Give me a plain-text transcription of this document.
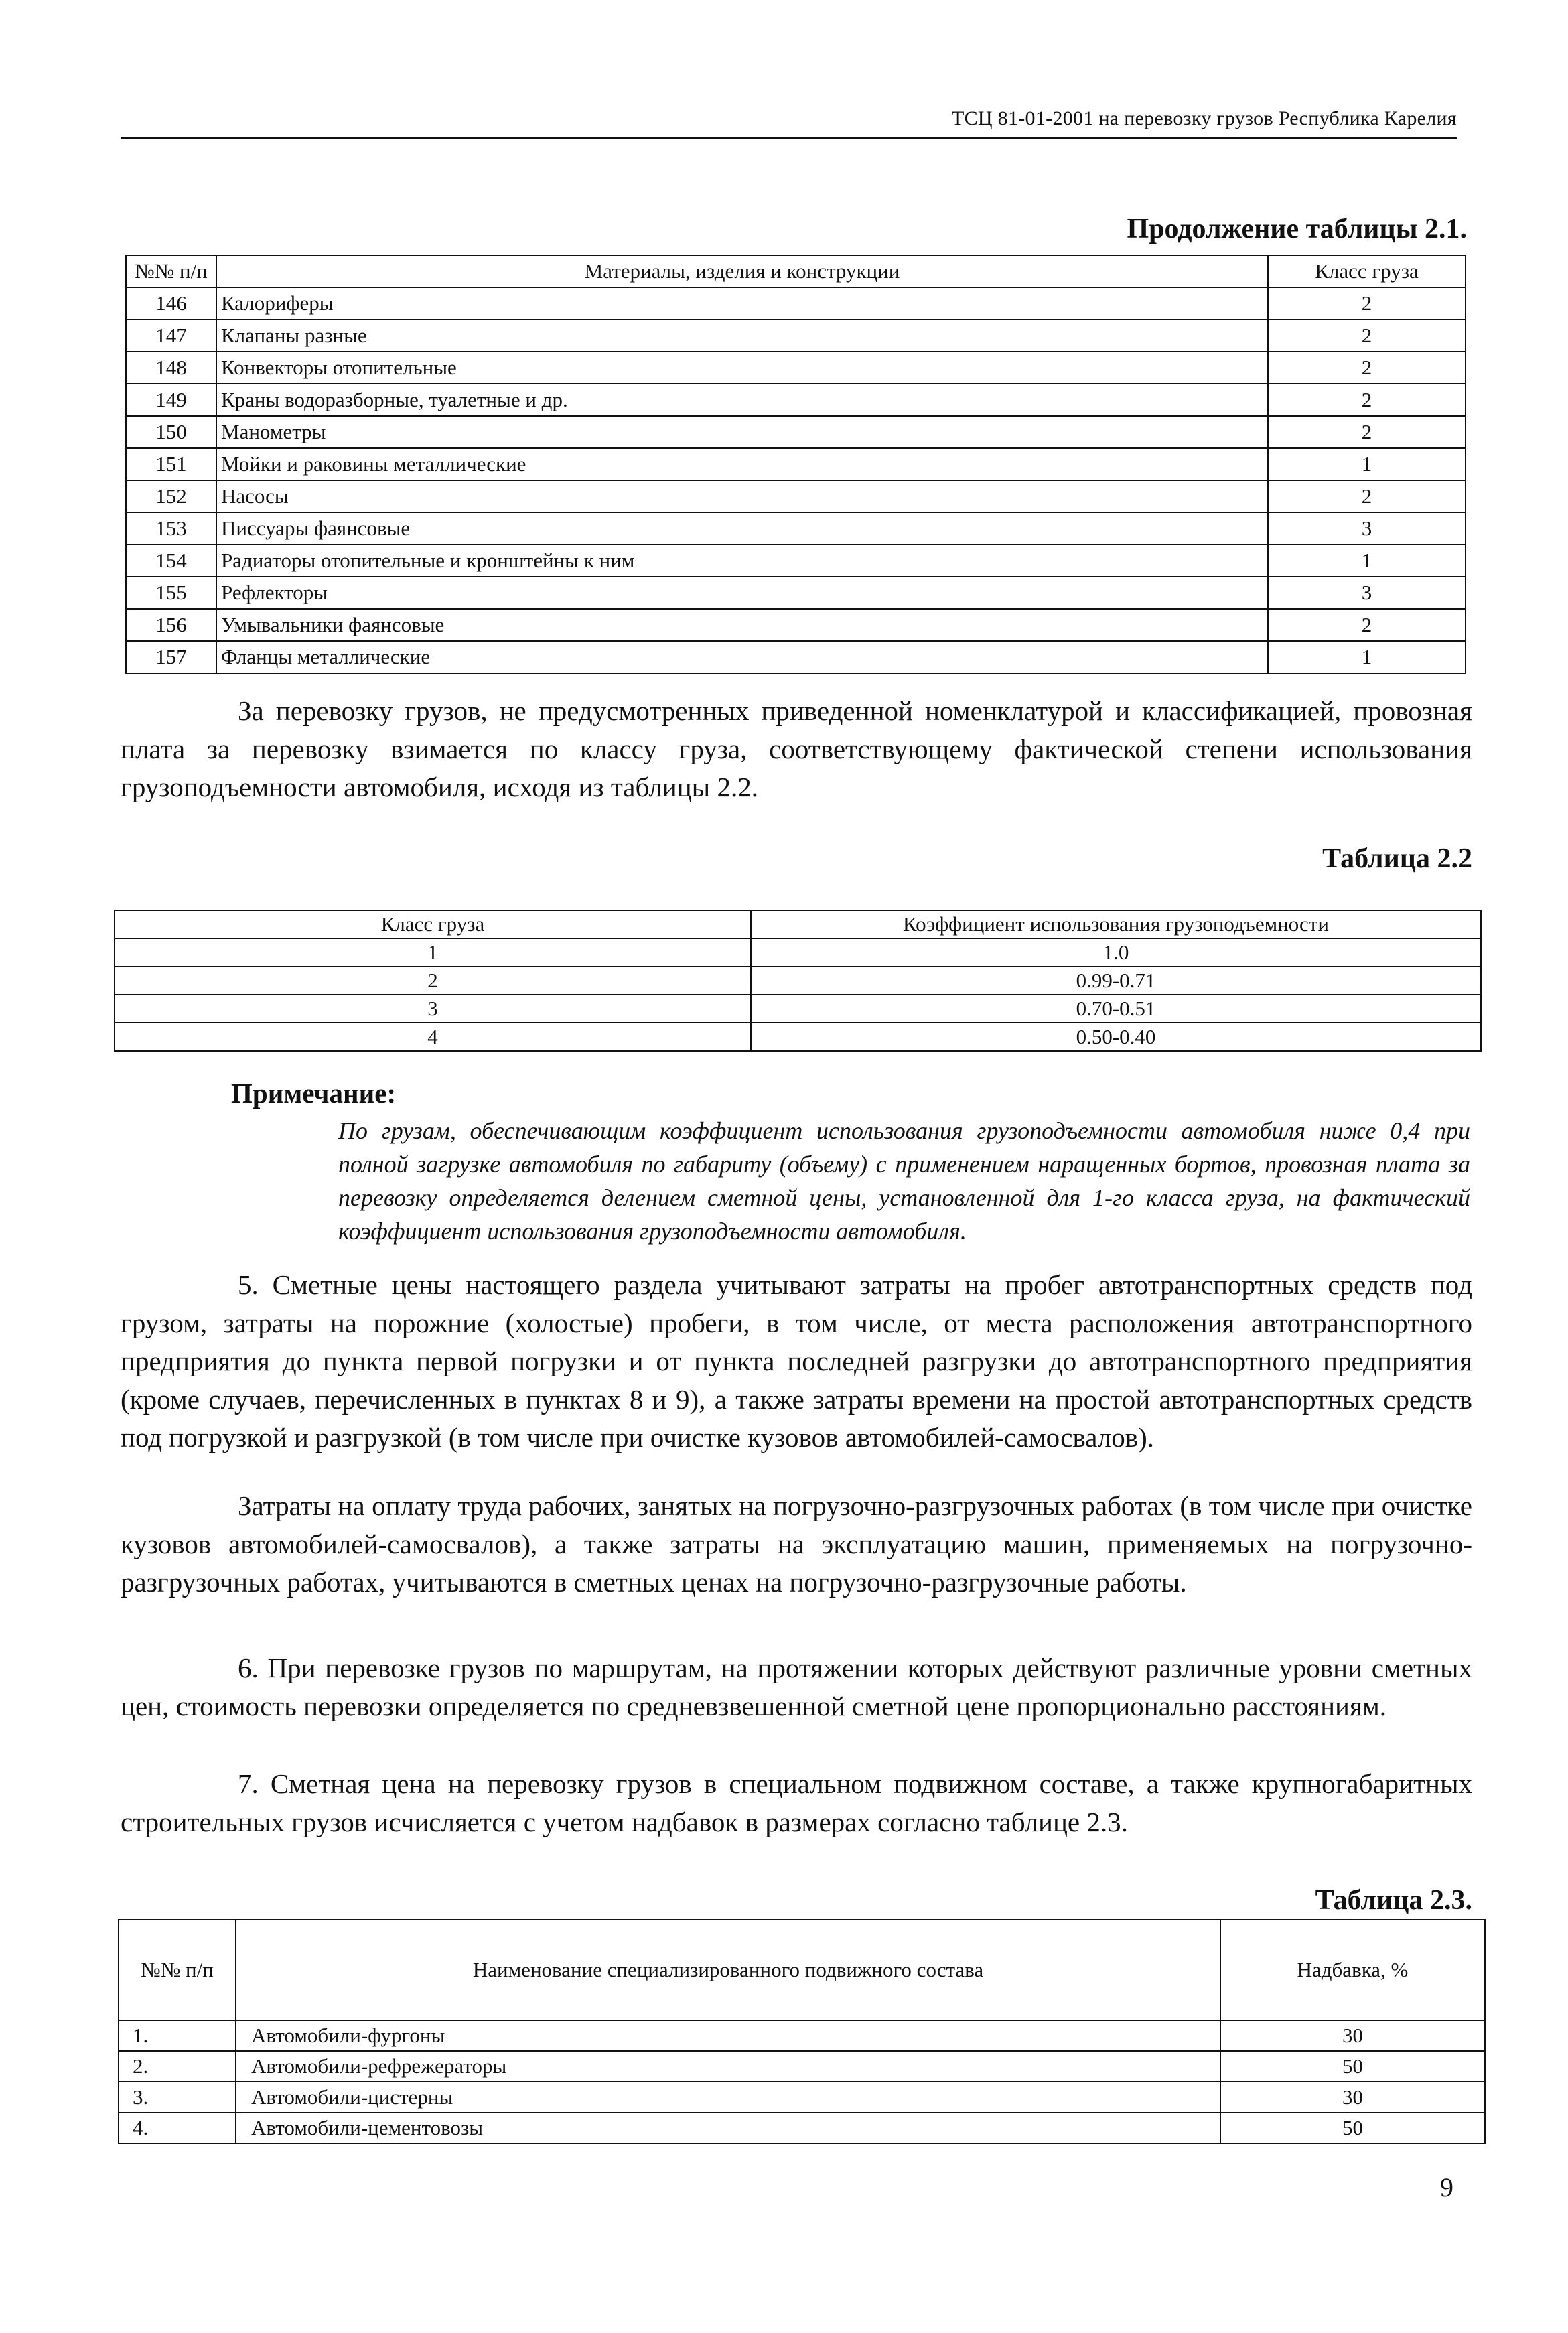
ТСЦ 81-01-2001 на перевозку грузов Республика Карелия
Продолжение таблицы 2.1.
№№ п/п	Материалы, изделия и конструкции	Класс груза
146	Калориферы	2
147	Клапаны разные	2
148	Конвекторы отопительные	2
149	Краны водоразборные, туалетные и др.	2
150	Манометры	2
151	Мойки и раковины металлические	1
152	Насосы	2
153	Писсуары фаянсовые	3
154	Радиаторы отопительные и кронштейны к ним	1
155	Рефлекторы	3
156	Умывальники фаянсовые	2
157	Фланцы металлические	1

За перевозку грузов, не предусмотренных приведенной номенклатурой и классификацией, провозная плата за перевозку взимается по классу груза, соответствующему фактической степени использования грузоподъемности автомобиля, исходя из таблицы 2.2.

Таблица 2.2
Класс груза	Коэффициент использования грузоподъемности
1	1.0
2	0.99-0.71
3	0.70-0.51
4	0.50-0.40
Примечание:

По грузам, обеспечивающим коэффициент использования грузоподъемности автомобиля ниже 0,4 при полной загрузке автомобиля по габариту (объему) с применением наращенных бортов, провозная плата за перевозку определяется делением сметной цены, установленной для 1-го класса груза, на фактический коэффициент использования грузоподъемности автомобиля.

5. Сметные цены настоящего раздела учитывают затраты на пробег автотранспортных средств под грузом, затраты на порожние (холостые) пробеги, в том числе, от места расположения автотранспортного предприятия до пункта первой погрузки и от пункта последней разгрузки до автотранспортного предприятия (кроме случаев, перечисленных в пунктах 8 и 9), а также затраты времени на простой автотранспортных средств под погрузкой и разгрузкой (в том числе при очистке кузовов автомобилей-самосвалов).

Затраты на оплату труда рабочих, занятых на погрузочно-разгрузочных работах (в том числе при очистке кузовов автомобилей-самосвалов), а также затраты на эксплуатацию машин, применяемых на погрузочно-разгрузочных работах, учитываются в сметных ценах на погрузочно-разгрузочные работы.

6. При перевозке грузов по маршрутам, на протяжении которых действуют различные уровни сметных цен, стоимость перевозки определяется по средневзвешенной сметной цене пропорционально расстояниям.

7. Сметная цена на перевозку грузов в специальном подвижном составе, а также крупногабаритных строительных грузов исчисляется с учетом надбавок в размерах согласно таблице 2.3.

Таблица 2.3.
№№ п/п	Наименование специализированного подвижного состава	Надбавка, %
1.	Автомобили-фургоны	30
2.	Автомобили-рефрежераторы	50
3.	Автомобили-цистерны	30
4.	Автомобили-цементовозы	50
9
